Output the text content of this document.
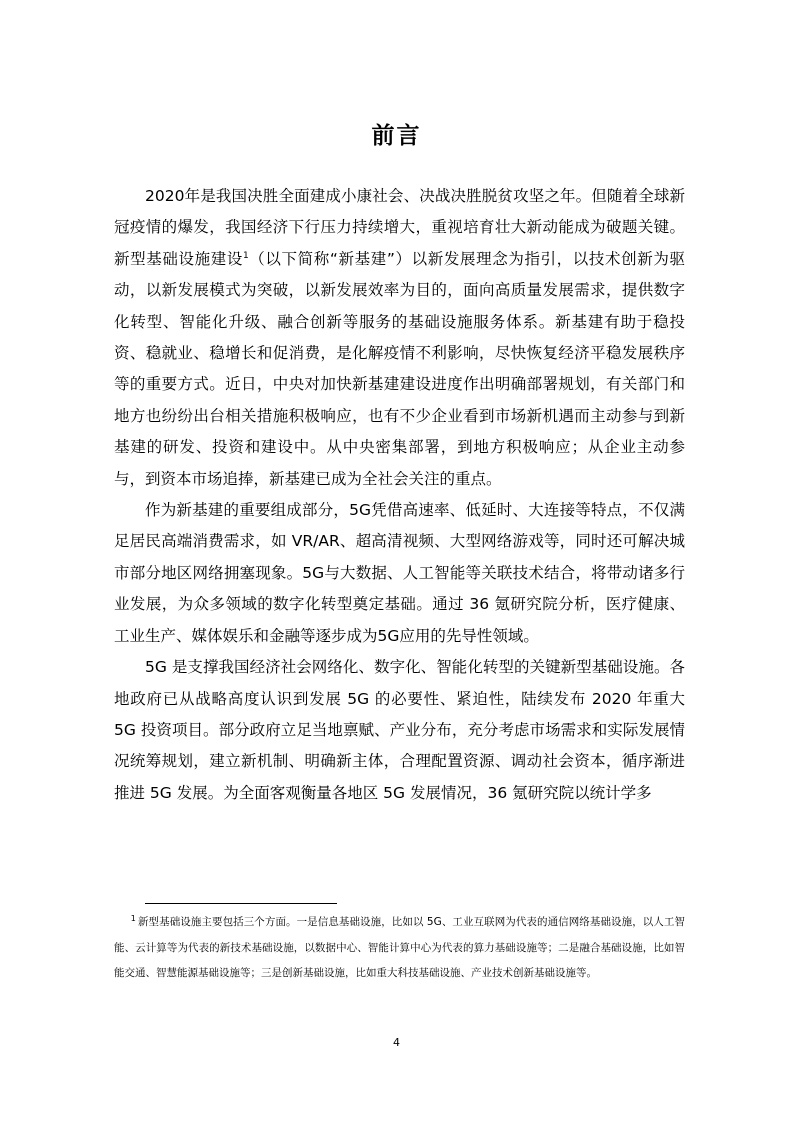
前言

2020年是我国决胜全面建成小康社会、决战决胜脱贫攻坚之年。但随着全球新冠疫情的爆发，我国经济下行压力持续增大，重视培育壮大新动能成为破题关键。新型基础设施建设$^1$（以下简称“新基建”）以新发展理念为指引，以技术创新为驱动，以新发展模式为突破，以新发展效率为目的，面向高质量发展需求，提供数字化转型、智能化升级、融合创新等服务的基础设施服务体系。新基建有助于稳投资、稳就业、稳增长和促消费，是化解疫情不利影响，尽快恢复经济平稳发展秩序等的重要方式。近日，中央对加快新基建建设进度作出明确部署规划，有关部门和地方也纷纷出台相关措施积极响应，也有不少企业看到市场新机遇而主动参与到新基建的研发、投资和建设中。从中央密集部署，到地方积极响应；从企业主动参与，到资本市场追捧，新基建已成为全社会关注的重点。

作为新基建的重要组成部分，5G凭借高速率、低延时、大连接等特点，不仅满足居民高端消费需求，如 VR/AR、超高清视频、大型网络游戏等，同时还可解决城市部分地区网络拥塞现象。5G与大数据、人工智能等关联技术结合，将带动诸多行业发展，为众多领域的数字化转型奠定基础。通过 36 氪研究院分析，医疗健康、工业生产、媒体娱乐和金融等逐步成为5G应用的先导性领域。

5G 是支撑我国经济社会网络化、数字化、智能化转型的关键新型基础设施。各地政府已从战略高度认识到发展 5G 的必要性、紧迫性，陆续发布 2020 年重大 5G 投资项目。部分政府立足当地禀赋、产业分布，充分考虑市场需求和实际发展情况统筹规划，建立新机制、明确新主体，合理配置资源、调动社会资本，循序渐进推进 5G 发展。为全面客观衡量各地区 5G 发展情况，36 氪研究院以统计学多

$^1$ 新型基础设施主要包括三个方面。一是信息基础设施，比如以 5G、工业互联网为代表的通信网络基础设施，以人工智能、云计算等为代表的新技术基础设施，以数据中心、智能计算中心为代表的算力基础设施等；二是融合基础设施，比如智能交通、智慧能源基础设施等；三是创新基础设施，比如重大科技基础设施、产业技术创新基础设施等。

4
